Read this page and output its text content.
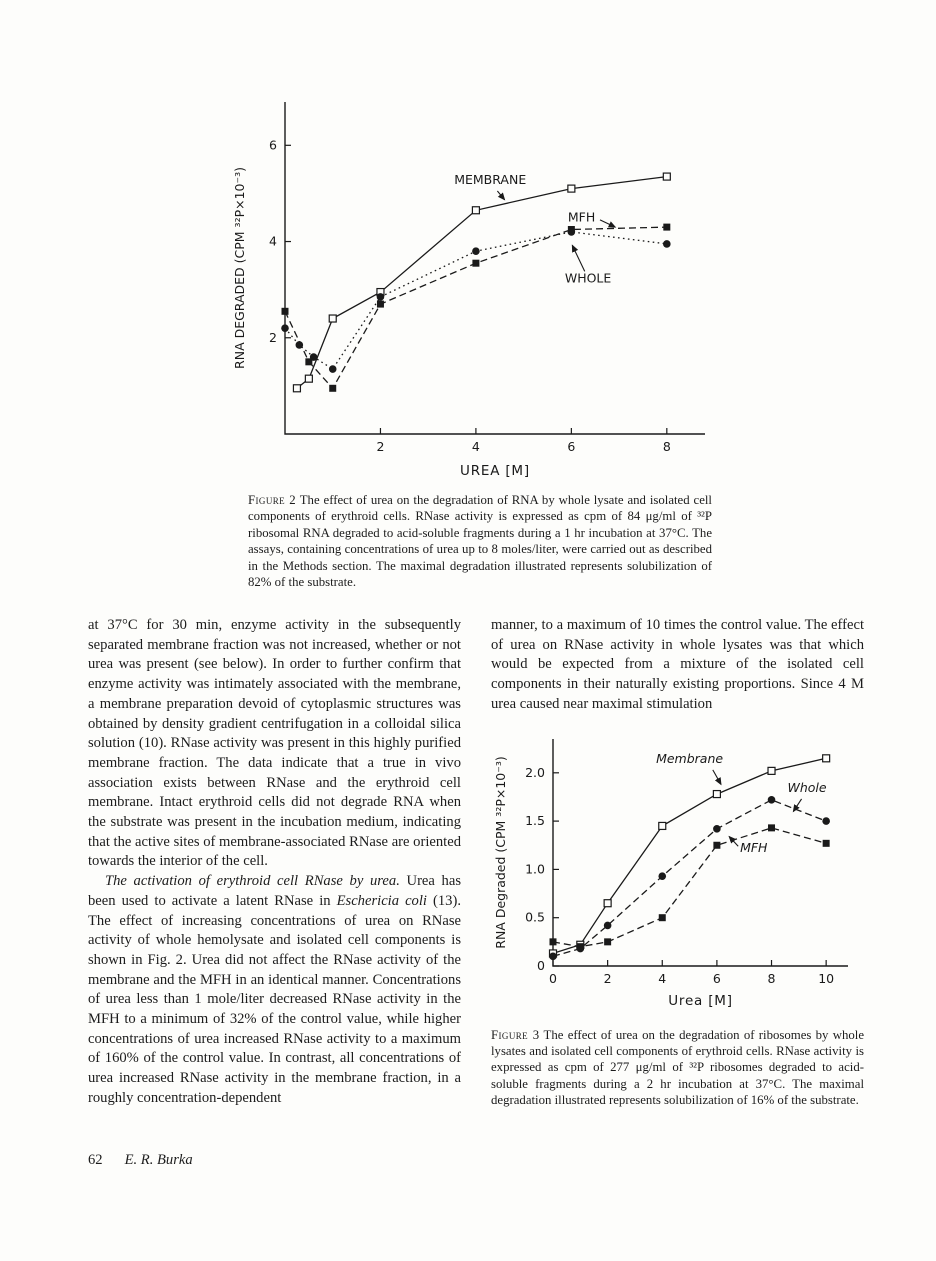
2	4	6	8
2
4
6
UREA [M]
RNA DEGRADED (CPM ³²P×10⁻³)	MEMBRANE
MFH
WHOLE

Figure 2 The effect of urea on the degradation of RNA by whole lysate and isolated cell components of erythroid cells. RNase activity is expressed as cpm of 84 μg/ml of ³²P ribosomal RNA degraded to acid-soluble fragments during a 1 hr incubation at 37°C. The assays, containing concentrations of urea up to 8 moles/liter, were carried out as described in the Methods section. The maximal degradation illustrated represents solubilization of 82% of the substrate.

at 37°C for 30 min, enzyme activity in the subsequently separated membrane fraction was not increased, whether or not urea was present (see below). In order to further confirm that enzyme activity was intimately associated with the membrane, a membrane preparation devoid of cytoplasmic structures was obtained by density gradient centrifugation in a colloidal silica solution (10). RNase activity was present in this highly purified membrane fraction. The data indicate that a true in vivo association exists between RNase and the erythroid cell membrane. Intact erythroid cells did not degrade RNA when the substrate was present in the incubation medium, indicating that the active sites of membrane-associated RNase are oriented towards the interior of the cell.

The activation of erythroid cell RNase by urea. Urea has been used to activate a latent RNase in Eschericia coli (13). The effect of increasing concentrations of urea on RNase activity of whole hemolysate and isolated cell components is shown in Fig. 2. Urea did not affect the RNase activity of the membrane and the MFH in an identical manner. Concentrations of urea less than 1 mole/liter decreased RNase activity in the MFH to a minimum of 32% of the control value, while higher concentrations of urea increased RNase activity to a maximum of 160% of the control value. In contrast, all concentrations of urea increased RNase activity in the membrane fraction, in a roughly concentration-dependent

manner, to a maximum of 10 times the control value. The effect of urea on RNase activity in whole lysates was that which would be expected from a mixture of the isolated cell components in their naturally existing proportions. Since 4 M urea caused near maximal stimulation

0	2	4	6	8	10
0
0.5
1.0
1.5
2.0
Urea [M]
RNA Degraded (CPM ³²P×10⁻³)	Membrane
Whole
MFH

Figure 3 The effect of urea on the degradation of ribosomes by whole lysates and isolated cell components of erythroid cells. RNase activity is expressed as cpm of 277 μg/ml of ³²P ribosomes degraded to acid-soluble fragments during a 2 hr incubation at 37°C. The maximal degradation illustrated represents solubilization of 16% of the substrate.

62 E. R. Burka
